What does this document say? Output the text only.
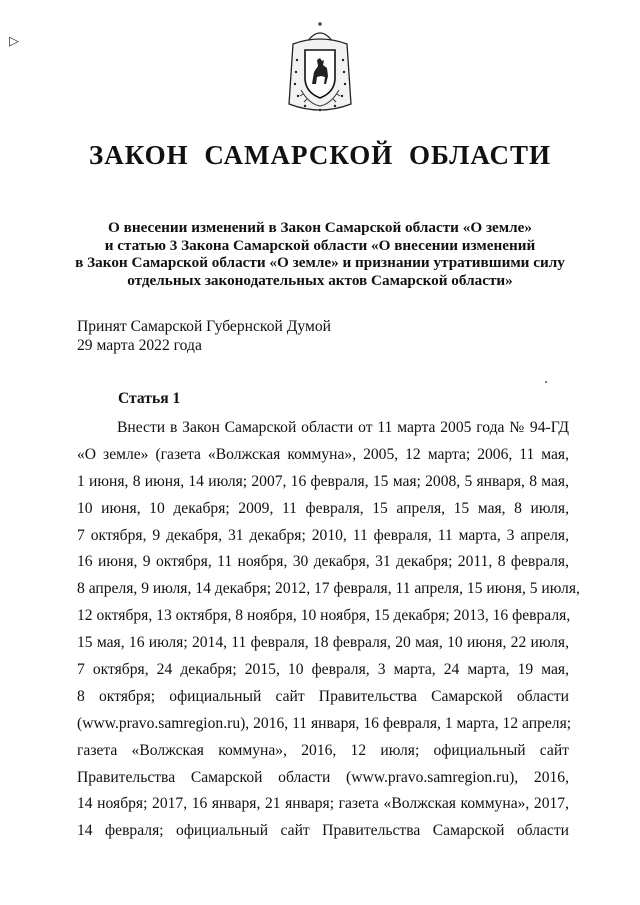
▷
ЗАКОН САМАРСКОЙ ОБЛАСТИ
О внесении изменений в Закон Самарской области «О земле»
и статью 3 Закона Самарской области «О внесении изменений
в Закон Самарской области «О земле» и признании утратившими силу
отдельных законодательных актов Самарской области»
Принят Самарской Губернской Думой
29 марта 2022 года
Статья 1
Внести в Закон Самарской области от 11 марта 2005 года № 94-ГД
«О земле» (газета «Волжская коммуна», 2005, 12 марта; 2006, 11 мая,
1 июня, 8 июня, 14 июля; 2007, 16 февраля, 15 мая; 2008, 5 января, 8 мая,
10 июня, 10 декабря; 2009, 11 февраля, 15 апреля, 15 мая, 8 июля,
7 октября, 9 декабря, 31 декабря; 2010, 11 февраля, 11 марта, 3 апреля,
16 июня, 9 октября, 11 ноября, 30 декабря, 31 декабря; 2011, 8 февраля,
8 апреля, 9 июля, 14 декабря; 2012, 17 февраля, 11 апреля, 15 июня, 5 июля,
12 октября, 13 октября, 8 ноября, 10 ноября, 15 декабря; 2013, 16 февраля,
15 мая, 16 июля; 2014, 11 февраля, 18 февраля, 20 мая, 10 июня, 22 июля,
7 октября, 24 декабря; 2015, 10 февраля, 3 марта, 24 марта, 19 мая,
8 октября; официальный сайт Правительства Самарской области
(www.pravo.samregion.ru), 2016, 11 января, 16 февраля, 1 марта, 12 апреля;
газета «Волжская коммуна», 2016, 12 июля; официальный сайт
Правительства Самарской области (www.pravo.samregion.ru), 2016,
14 ноября; 2017, 16 января, 21 января; газета «Волжская коммуна», 2017,
14 февраля; официальный сайт Правительства Самарской области
